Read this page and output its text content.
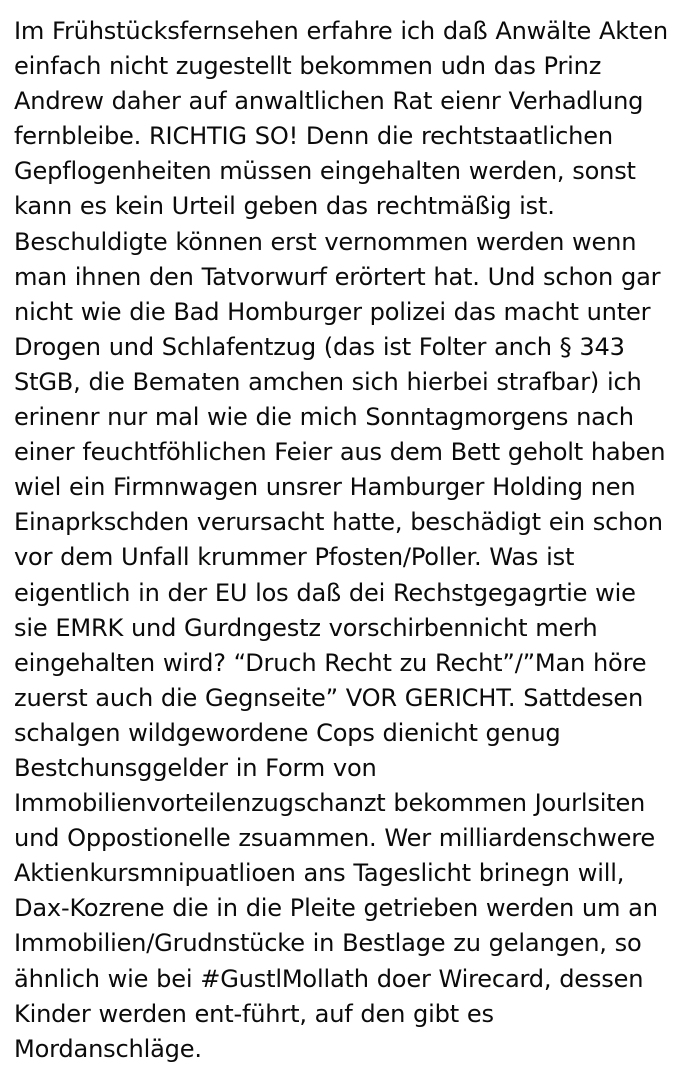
Im Frühstücksfernsehen erfahre ich daß Anwälte Akten einfach nicht zugestellt bekommen udn das Prinz Andrew daher auf anwaltlichen Rat eienr Verhadlung fernbleibe. RICHTIG SO! Denn die rechtstaatlichen Gepflogenheiten müssen eingehalten werden, sonst kann es kein Urteil geben das rechtmäßig ist. Beschuldigte können erst vernommen werden wenn man ihnen den Tatvorwurf erörtert hat. Und schon gar nicht wie die Bad Homburger polizei das macht unter Drogen und Schlafentzug (das ist Folter anch § 343 StGB, die Bematen amchen sich hierbei strafbar) ich erinenr nur mal wie die mich Sonntagmorgens nach einer feuchtföhlichen Feier aus dem Bett geholt haben wiel ein Firmnwagen unsrer Hamburger Holding nen Einaprkschden verursacht hatte, beschädigt ein schon vor dem Unfall krummer Pfosten/Poller. Was ist eigentlich in der EU los daß dei Rechstgegagrtie wie sie EMRK und Gurdngestz vorschirbennicht merh eingehalten wird? “Druch Recht zu Recht”/”Man höre zuerst auch die Gegnseite” VOR GERICHT. Sattdesen schalgen wildgewordene Cops dienicht genug Bestchunsggelder in Form von Immobilienvorteilenzugschanzt bekommen Jourlsiten und Oppostionelle zsuammen. Wer milliardenschwere Aktienkursmnipuatlioen ans Tageslicht brinegn will, Dax-Kozrene die in die Pleite getrieben werden um an Immobilien/Grudnstücke in Bestlage zu gelangen, so ähnlich wie bei #GustlMollath doer Wirecard, dessen Kinder werden ent-führt, auf den gibt es Mordanschläge.
